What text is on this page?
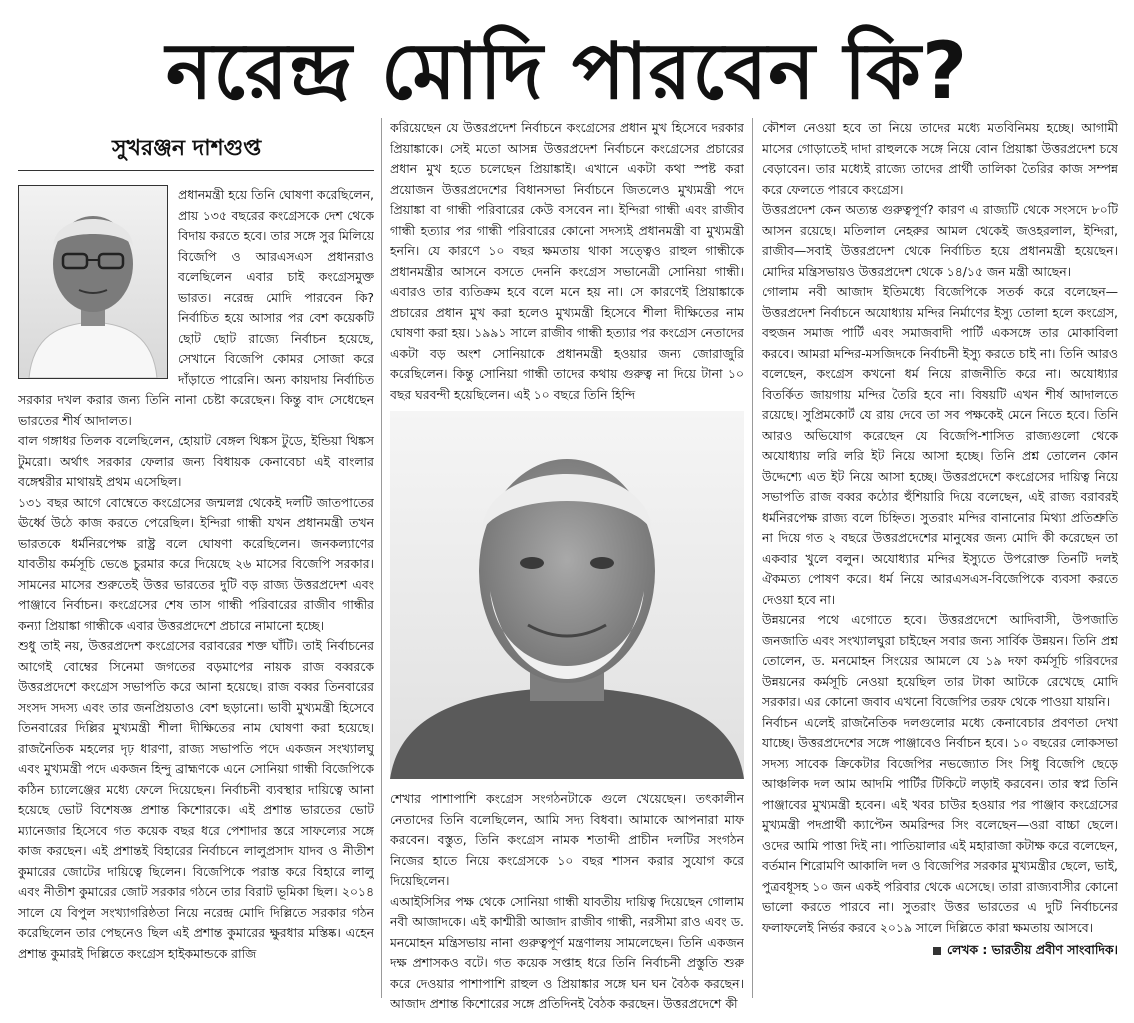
নরেন্দ্র মোদি পারবেন কি?
সুখরঞ্জন দাশগুপ্ত

প্রধানমন্ত্রী হয়ে তিনি ঘোষণা করেছিলেন, প্রায় ১৩৫ বছরের কংগ্রেসকে দেশ থেকে বিদায় করতে হবে। তার সঙ্গে সুর মিলিয়ে বিজেপি ও আরএসএস প্রধানরাও বলেছিলেন এবার চাই কংগ্রেসমুক্ত ভারত। নরেন্দ্র মোদি পারবেন কি? নির্বাচিত হয়ে আসার পর বেশ কয়েকটি ছোট ছোট রাজ্যে নির্বাচন হয়েছে, সেখানে বিজেপি কোমর সোজা করে দাঁড়াতে পারেনি। অন্য কায়দায় নির্বাচিত সরকার দখল করার জন্য তিনি নানা চেষ্টা করেছেন। কিন্তু বাদ সেধেছেন ভারতের শীর্ষ আদালত।

বাল গঙ্গাধর তিলক বলেছিলেন, হোয়াট বেঙ্গল থিঙ্কস টুডে, ইন্ডিয়া থিঙ্কস টুমরো। অর্থাৎ সরকার ফেলার জন্য বিধায়ক কেনাবেচা এই বাংলার বঙ্গেশ্বরীর মাথায়ই প্রথম এসেছিল।

১৩১ বছর আগে বোম্বেতে কংগ্রেসের জন্মলগ্ন থেকেই দলটি জাতপাতের ঊর্ধ্বে উঠে কাজ করতে পেরেছিল। ইন্দিরা গান্ধী যখন প্রধানমন্ত্রী তখন ভারতকে ধর্মনিরপেক্ষ রাষ্ট্র বলে ঘোষণা করেছিলেন। জনকল্যাণের যাবতীয় কর্মসূচি ভেঙে চুরমার করে দিয়েছে ২৬ মাসের বিজেপি সরকার। সামনের মাসের শুরুতেই উত্তর ভারতের দুটি বড় রাজ্য উত্তরপ্রদেশ এবং পাঞ্জাবে নির্বাচন। কংগ্রেসের শেষ তাস গান্ধী পরিবারের রাজীব গান্ধীর কন্যা প্রিয়াঙ্কা গান্ধীকে এবার উত্তরপ্রদেশে প্রচারে নামানো হচ্ছে।

শুধু তাই নয়, উত্তরপ্রদেশ কংগ্রেসের বরাবরের শক্ত ঘাঁটি। তাই নির্বাচনের আগেই বোম্বের সিনেমা জগতের বড়মাপের নায়ক রাজ বব্বরকে উত্তরপ্রদেশে কংগ্রেস সভাপতি করে আনা হয়েছে। রাজ বব্বর তিনবারের সংসদ সদস্য এবং তার জনপ্রিয়তাও বেশ ছড়ানো। ভাবী মুখ্যমন্ত্রী হিসেবে তিনবারের দিল্লির মুখ্যমন্ত্রী শীলা দীক্ষিতের নাম ঘোষণা করা হয়েছে। রাজনৈতিক মহলের দৃঢ় ধারণা, রাজ্য সভাপতি পদে একজন সংখ্যালঘু এবং মুখ্যমন্ত্রী পদে একজন হিন্দু ব্রাহ্মণকে এনে সোনিয়া গান্ধী বিজেপিকে কঠিন চ্যালেঞ্জের মধ্যে ফেলে দিয়েছেন। নির্বাচনী ব্যবস্থার দায়িত্বে আনা হয়েছে ভোট বিশেষজ্ঞ প্রশান্ত কিশোরকে। এই প্রশান্ত ভারতের ভোট ম্যানেজার হিসেবে গত কয়েক বছর ধরে পেশাদার স্তরে সাফল্যের সঙ্গে কাজ করছেন। এই প্রশান্তই বিহারের নির্বাচনে লালুপ্রসাদ যাদব ও নীতীশ কুমারের জোটের দায়িত্বে ছিলেন। বিজেপিকে পরাস্ত করে বিহারে লালু এবং নীতীশ কুমারের জোট সরকার গঠনে তার বিরাট ভূমিকা ছিল। ২০১৪ সালে যে বিপুল সংখ্যাগরিষ্ঠতা নিয়ে নরেন্দ্র মোদি দিল্লিতে সরকার গঠন করেছিলেন তার পেছনেও ছিল এই প্রশান্ত কুমারের ক্ষুরধার মস্তিষ্ক। এহেন প্রশান্ত কুমারই দিল্লিতে কংগ্রেস হাইকমান্ডকে রাজি

করিয়েছেন যে উত্তরপ্রদেশ নির্বাচনে কংগ্রেসের প্রধান মুখ হিসেবে দরকার প্রিয়াঙ্কাকে। সেই মতো আসন্ন উত্তরপ্রদেশ নির্বাচনে কংগ্রেসের প্রচারের প্রধান মুখ হতে চলেছেন প্রিয়াঙ্কাই। এখানে একটা কথা স্পষ্ট করা প্রয়োজন উত্তরপ্রদেশের বিধানসভা নির্বাচনে জিতলেও মুখ্যমন্ত্রী পদে প্রিয়াঙ্কা বা গান্ধী পরিবারের কেউ বসবেন না। ইন্দিরা গান্ধী এবং রাজীব গান্ধী হত্যার পর গান্ধী পরিবারের কোনো সদস্যই প্রধানমন্ত্রী বা মুখ্যমন্ত্রী হননি। যে কারণে ১০ বছর ক্ষমতায় থাকা সত্ত্বেও রাহুল গান্ধীকে প্রধানমন্ত্রীর আসনে বসতে দেননি কংগ্রেস সভানেত্রী সোনিয়া গান্ধী। এবারও তার ব্যতিক্রম হবে বলে মনে হয় না। সে কারণেই প্রিয়াঙ্কাকে প্রচারের প্রধান মুখ করা হলেও মুখ্যমন্ত্রী হিসেবে শীলা দীক্ষিতের নাম ঘোষণা করা হয়। ১৯৯১ সালে রাজীব গান্ধী হত্যার পর কংগ্রেস নেতাদের একটা বড় অংশ সোনিয়াকে প্রধানমন্ত্রী হওয়ার জন্য জোরাজুরি করেছিলেন। কিন্তু সোনিয়া গান্ধী তাদের কথায় গুরুত্ব না দিয়ে টানা ১০ বছর ঘরবন্দী হয়েছিলেন। এই ১০ বছরে তিনি হিন্দি

শেখার পাশাপাশি কংগ্রেস সংগঠনটাকে গুলে খেয়েছেন। তৎকালীন নেতাদের তিনি বলেছিলেন, আমি সদ্য বিধবা। আমাকে আপনারা মাফ করবেন। বস্তুত, তিনি কংগ্রেস নামক শতাব্দী প্রাচীন দলটির সংগঠন নিজের হাতে নিয়ে কংগ্রেসকে ১০ বছর শাসন করার সুযোগ করে দিয়েছিলেন।

এআইসিসির পক্ষ থেকে সোনিয়া গান্ধী যাবতীয় দায়িত্ব দিয়েছেন গোলাম নবী আজাদকে। এই কাশ্মীরী আজাদ রাজীব গান্ধী, নরসীমা রাও এবং ড. মনমোহন মন্ত্রিসভায় নানা গুরুত্বপূর্ণ মন্ত্রণালয় সামলেছেন। তিনি একজন দক্ষ প্রশাসকও বটে। গত কয়েক সপ্তাহ ধরে তিনি নির্বাচনী প্রস্তুতি শুরু করে দেওয়ার পাশাপাশি রাহুল ও প্রিয়াঙ্কার সঙ্গে ঘন ঘন বৈঠক করছেন। আজাদ প্রশান্ত কিশোরের সঙ্গে প্রতিদিনই বৈঠক করছেন। উত্তরপ্রদেশে কী

কৌশল নেওয়া হবে তা নিয়ে তাদের মধ্যে মতবিনিময় হচ্ছে। আগামী মাসের গোড়াতেই দাদা রাহুলকে সঙ্গে নিয়ে বোন প্রিয়াঙ্কা উত্তরপ্রদেশ চষে বেড়াবেন। তার মধ্যেই রাজ্যে তাদের প্রার্থী তালিকা তৈরির কাজ সম্পন্ন করে ফেলতে পারবে কংগ্রেস।

উত্তরপ্রদেশ কেন অত্যন্ত গুরুত্বপূর্ণ? কারণ এ রাজ্যটি থেকে সংসদে ৮০টি আসন রয়েছে। মতিলাল নেহরুর আমল থেকেই জওহরলাল, ইন্দিরা, রাজীব—সবাই উত্তরপ্রদেশ থেকে নির্বাচিত হয়ে প্রধানমন্ত্রী হয়েছেন। মোদির মন্ত্রিসভায়ও উত্তরপ্রদেশ থেকে ১৪/১৫ জন মন্ত্রী আছেন।

গোলাম নবী আজাদ ইতিমধ্যে বিজেপিকে সতর্ক করে বলেছেন—উত্তরপ্রদেশ নির্বাচনে অযোধ্যায় মন্দির নির্মাণের ইস্যু তোলা হলে কংগ্রেস, বহুজন সমাজ পার্টি এবং সমাজবাদী পার্টি একসঙ্গে তার মোকাবিলা করবে। আমরা মন্দির-মসজিদকে নির্বাচনী ইস্যু করতে চাই না। তিনি আরও বলেছেন, কংগ্রেস কখনো ধর্ম নিয়ে রাজনীতি করে না। অযোধ্যার বিতর্কিত জায়গায় মন্দির তৈরি হবে না। বিষয়টি এখন শীর্ষ আদালতে রয়েছে। সুপ্রিমকোর্ট যে রায় দেবে তা সব পক্ষকেই মেনে নিতে হবে। তিনি আরও অভিযোগ করেছেন যে বিজেপি-শাসিত রাজ্যগুলো থেকে অযোধ্যায় লরি লরি ইট নিয়ে আসা হচ্ছে। তিনি প্রশ্ন তোলেন কোন উদ্দেশ্যে এত ইট নিয়ে আসা হচ্ছে। উত্তরপ্রদেশে কংগ্রেসের দায়িত্ব নিয়ে সভাপতি রাজ বব্বর কঠোর হুঁশিয়ারি দিয়ে বলেছেন, এই রাজ্য বরাবরই ধর্মনিরপেক্ষ রাজ্য বলে চিহ্নিত। সুতরাং মন্দির বানানোর মিথ্যা প্রতিশ্রুতি না দিয়ে গত ২ বছরে উত্তরপ্রদেশের মানুষের জন্য মোদি কী করেছেন তা একবার খুলে বলুন। অযোধ্যার মন্দির ইস্যুতে উপরোক্ত তিনটি দলই ঐকমত্য পোষণ করে। ধর্ম নিয়ে আরএসএস-বিজেপিকে ব্যবসা করতে দেওয়া হবে না।

উন্নয়নের পথে এগোতে হবে। উত্তরপ্রদেশে আদিবাসী, উপজাতি জনজাতি এবং সংখ্যালঘুরা চাইছেন সবার জন্য সার্বিক উন্নয়ন। তিনি প্রশ্ন তোলেন, ড. মনমোহন সিংয়ের আমলে যে ১৯ দফা কর্মসূচি গরিবদের উন্নয়নের কর্মসূচি নেওয়া হয়েছিল তার টাকা আটকে রেখেছে মোদি সরকার। এর কোনো জবাব এখনো বিজেপির তরফ থেকে পাওয়া যায়নি।

নির্বাচন এলেই রাজনৈতিক দলগুলোর মধ্যে কেনাবেচার প্রবণতা দেখা যাচ্ছে। উত্তরপ্রদেশের সঙ্গে পাঞ্জাবেও নির্বাচন হবে। ১০ বছরের লোকসভা সদস্য সাবেক ক্রিকেটার বিজেপির নভজ্যোত সিং সিধু বিজেপি ছেড়ে আঞ্চলিক দল আম আদমি পার্টির টিকিটে লড়াই করবেন। তার স্বপ্ন তিনি পাঞ্জাবের মুখ্যমন্ত্রী হবেন। এই খবর চাউর হওয়ার পর পাঞ্জাব কংগ্রেসের মুখ্যমন্ত্রী পদপ্রার্থী ক্যাপ্টেন অমরিন্দর সিং বলেছেন—ওরা বাচ্চা ছেলে। ওদের আমি পাত্তা দিই না। পাতিয়ালার এই মহারাজা কটাক্ষ করে বলেছেন, বর্তমান শিরোমণি আকালি দল ও বিজেপির সরকার মুখ্যমন্ত্রীর ছেলে, ভাই, পুত্রবধূসহ ১০ জন একই পরিবার থেকে এসেছে। তারা রাজ্যবাসীর কোনো ভালো করতে পারবে না। সুতরাং উত্তর ভারতের এ দুটি নির্বাচনের ফলাফলেই নির্ভর করবে ২০১৯ সালে দিল্লিতে কারা ক্ষমতায় আসবে।

লেখক : ভারতীয় প্রবীণ সাংবাদিক।
